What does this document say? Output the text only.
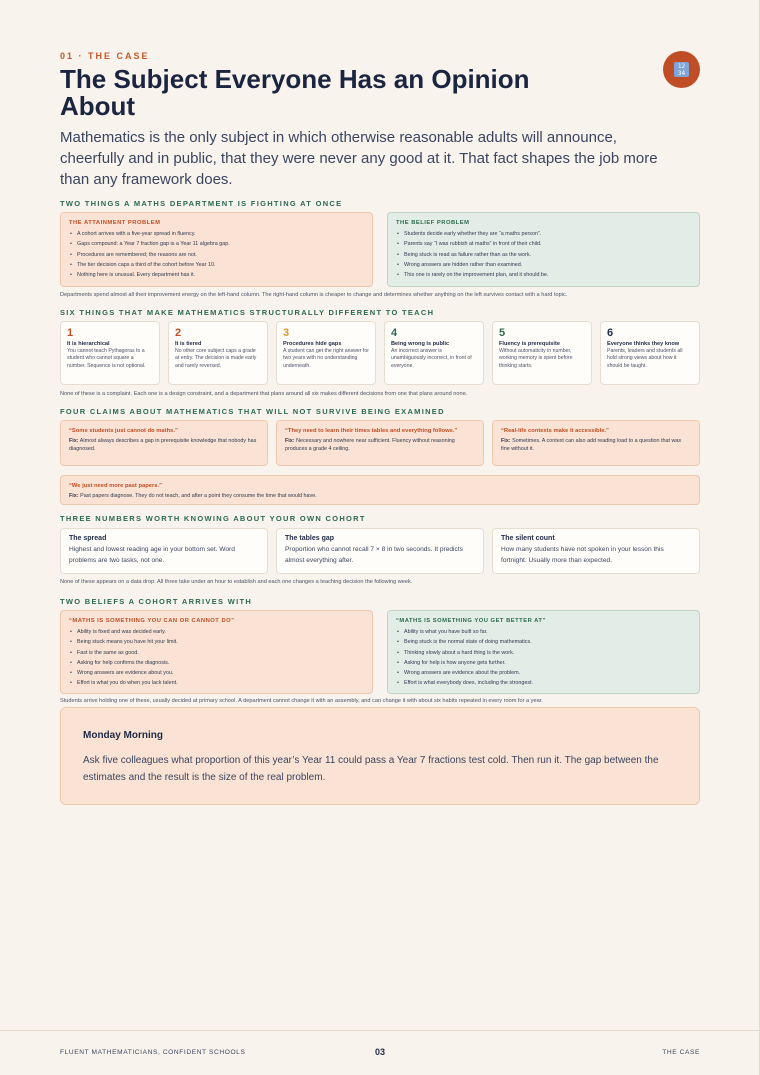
01 · THE CASE
12
34
The Subject Everyone Has an Opinion About

Mathematics is the only subject in which otherwise reasonable adults will announce, cheerfully and in public, that they were never any good at it. That fact shapes the job more than any framework does.

TWO THINGS A MATHS DEPARTMENT IS FIGHTING AT ONCE
THE ATTAINMENT PROBLEM
• A cohort arrives with a five-year spread in fluency.
• Gaps compound: a Year 7 fraction gap is a Year 11 algebra gap.
• Procedures are remembered; the reasons are not.
• The tier decision caps a third of the cohort before Year 10.
• Nothing here is unusual. Every department has it.
THE BELIEF PROBLEM
• Students decide early whether they are “a maths person”.
• Parents say “I was rubbish at maths” in front of their child.
• Being stuck is read as failure rather than as the work.
• Wrong answers are hidden rather than examined.
• This one is rarely on the improvement plan, and it should be.
Departments spend almost all their improvement energy on the left-hand column. The right-hand column is cheaper to change and determines whether anything on the left survives contact with a hard topic.
SIX THINGS THAT MAKE MATHEMATICS STRUCTURALLY DIFFERENT TO TEACH
1
It is hierarchical
You cannot teach Pythagoras to a student who cannot square a number. Sequence is not optional.
2
It is tiered
No other core subject caps a grade at entry. The decision is made early and rarely reversed.
3
Procedures hide gaps
A student can get the right answer for two years with no understanding underneath.
4
Being wrong is public
An incorrect answer is unambiguously incorrect, in front of everyone.
5
Fluency is prerequisite
Without automaticity in number, working memory is spent before thinking starts.
6
Everyone thinks they know
Parents, leaders and students all hold strong views about how it should be taught.
None of these is a complaint. Each one is a design constraint, and a department that plans around all six makes different decisions from one that plans around none.
FOUR CLAIMS ABOUT MATHEMATICS THAT WILL NOT SURVIVE BEING EXAMINED
“Some students just cannot do maths.”
Fix: Almost always describes a gap in prerequisite knowledge that nobody has diagnosed.
“They need to learn their times tables and everything follows.”
Fix: Necessary and nowhere near sufficient. Fluency without reasoning produces a grade 4 ceiling.
“Real-life contexts make it accessible.”
Fix: Sometimes. A context can also add reading load to a question that was fine without it.
“We just need more past papers.”
Fix: Past papers diagnose. They do not teach, and after a point they consume the time that would have.
THREE NUMBERS WORTH KNOWING ABOUT YOUR OWN COHORT
The spread
Highest and lowest reading age in your bottom set. Word problems are two tasks, not one.
The tables gap
Proportion who cannot recall 7 × 8 in two seconds. It predicts almost everything after.
The silent count
How many students have not spoken in your lesson this fortnight. Usually more than expected.
None of these appears on a data drop. All three take under an hour to establish and each one changes a teaching decision the following week.
TWO BELIEFS A COHORT ARRIVES WITH
“MATHS IS SOMETHING YOU CAN OR CANNOT DO”
• Ability is fixed and was decided early.
• Being stuck means you have hit your limit.
• Fast is the same as good.
• Asking for help confirms the diagnosis.
• Wrong answers are evidence about you.
• Effort is what you do when you lack talent.
“MATHS IS SOMETHING YOU GET BETTER AT”
• Ability is what you have built so far.
• Being stuck is the normal state of doing mathematics.
• Thinking slowly about a hard thing is the work.
• Asking for help is how anyone gets further.
• Wrong answers are evidence about the problem.
• Effort is what everybody does, including the strongest.
Students arrive holding one of these, usually decided at primary school. A department cannot change it with an assembly, and can change it with about six habits repeated in every room for a year.
Monday Morning
Ask five colleagues what proportion of this year’s Year 11 could pass a Year 7 fractions test cold. Then run it. The gap between the estimates and the result is the size of the real problem.
FLUENT MATHEMATICIANS, CONFIDENT SCHOOLS	03	THE CASE
